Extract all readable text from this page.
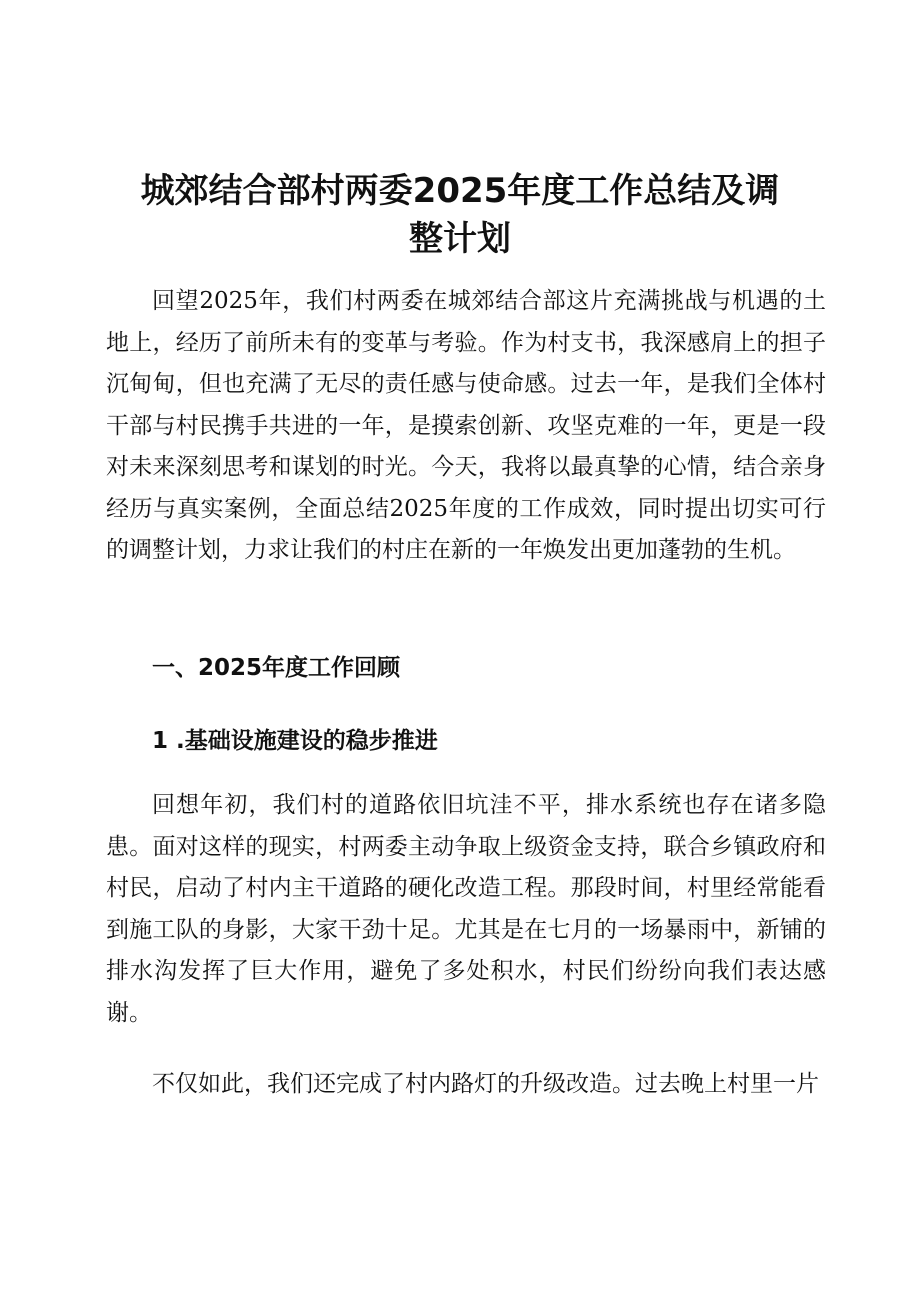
城郊结合部村两委2025年度工作总结及调
整计划

回望2025年，我们村两委在城郊结合部这片充满挑战与机遇的土地上，经历了前所未有的变革与考验。作为村支书，我深感肩上的担子沉甸甸，但也充满了无尽的责任感与使命感。过去一年，是我们全体村干部与村民携手共进的一年，是摸索创新、攻坚克难的一年，更是一段对未来深刻思考和谋划的时光。今天，我将以最真挚的心情，结合亲身经历与真实案例，全面总结2025年度的工作成效，同时提出切实可行的调整计划，力求让我们的村庄在新的一年焕发出更加蓬勃的生机。

一、2025年度工作回顾
1 .基础设施建设的稳步推进

回想年初，我们村的道路依旧坑洼不平，排水系统也存在诸多隐患。面对这样的现实，村两委主动争取上级资金支持，联合乡镇政府和村民，启动了村内主干道路的硬化改造工程。那段时间，村里经常能看到施工队的身影，大家干劲十足。尤其是在七月的一场暴雨中，新铺的排水沟发挥了巨大作用，避免了多处积水，村民们纷纷向我们表达感谢。

不仅如此，我们还完成了村内路灯的升级改造。过去晚上村里一片
